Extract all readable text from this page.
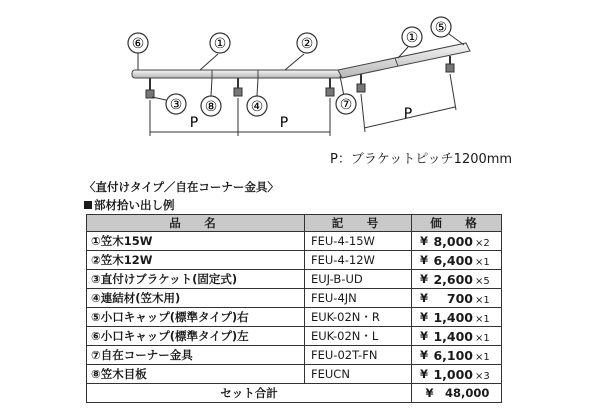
⑥	①	②	①
⑤
③ ⑧ ④	⑦
P	P
P
P：ブラケットピッチ1200mm
〈直付けタイプ／自在コーナー金具〉
部材拾い出し例
品　名	記　号	価　格
①笠木15W	FEU-4-15W	¥ 8,000 ×2
②笠木12W	FEU-4-12W	¥ 6,400 ×1
③直付けブラケット(固定式)	EUJ-B-UD	¥ 2,600 ×5
④連結材(笠木用)	FEU-4JN	¥ 700 ×1
⑤小口キャップ(標準タイプ)右	EUK-02N・R	¥ 1,400 ×1
⑥小口キャップ(標準タイプ)左	EUK-02N・L	¥ 1,400 ×1
⑦自在コーナー金具	FEU-02T-FN	¥ 6,100 ×1
⑧笠木目板	FEUCN	¥ 1,000 ×3
セット合計		¥　48,000
